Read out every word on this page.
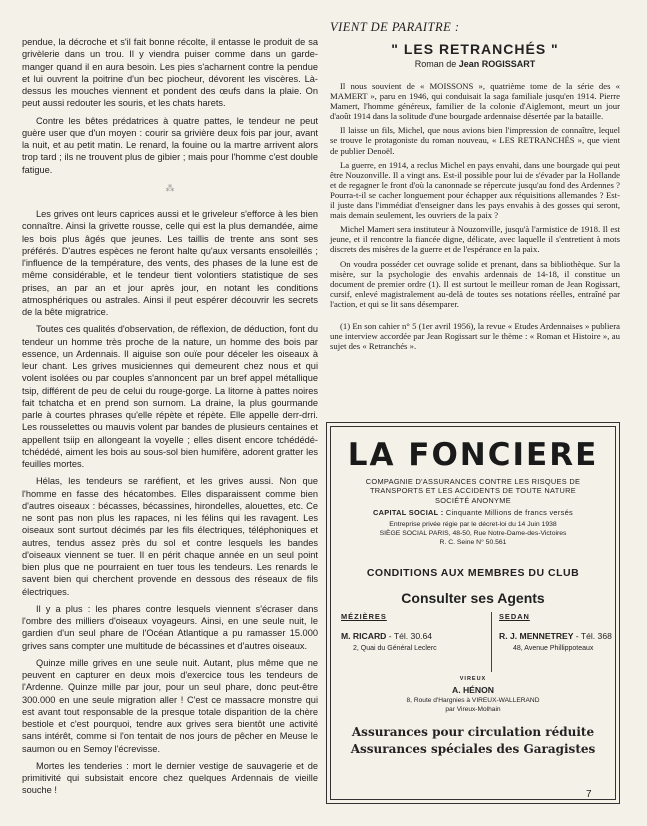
pendue, la décroche et s'il fait bonne récolte, il entasse le produit de sa grivèlerie dans un trou. Il y viendra puiser comme dans un garde-manger quand il en aura besoin. Les pies s'acharnent contre la pendue et lui ouvrent la poitrine d'un bec piocheur, dévorent les viscères. Là-dessus les mouches viennent et pondent des œufs dans la plaie. On peut aussi redouter les souris, et les chats harets.

Contre les bêtes prédatrices à quatre pattes, le tendeur ne peut guère user que d'un moyen : courir sa grivière deux fois par jour, avant la nuit, et au petit matin. Le renard, la fouine ou la martre arrivent alors trop tard ; ils ne trouvent plus de gibier ; mais pour l'homme c'est double fatigue.

⁂

Les grives ont leurs caprices aussi et le griveleur s'efforce à les bien connaître. Ainsi la grivette rousse, celle qui est la plus demandée, aime les bois plus âgés que jeunes. Les taillis de trente ans sont ses préférés. D'autres espèces ne feront halte qu'aux versants ensoleillés ; l'influence de la température, des vents, des phases de la lune est de même considérable, et le tendeur tient volontiers statistique de ses prises, an par an et jour après jour, en notant les conditions atmosphériques ou astrales. Ainsi il peut espérer découvrir les secrets de la bête migratrice.

Toutes ces qualités d'observation, de réflexion, de déduction, font du tendeur un homme très proche de la nature, un homme des bois par essence, un Ardennais. Il aiguise son ouïe pour déceler les oiseaux à leur chant. Les grives musiciennes qui demeurent chez nous et qui volent isolées ou par couples s'annoncent par un bref appel métallique tsip, différent de peu de celui du rouge-gorge. La litorne à pattes noires fait tchatcha et en prend son surnom. La draine, la plus gourmande parle à courtes phrases qu'elle répète et répète. Elle appelle derr-drri. Les rousselettes ou mauvis volent par bandes de plusieurs centaines et appellent tsiip en allongeant la voyelle ; elles disent encore tchédédé-tchédédé, aiment les bois au sous-sol bien humifère, adorent gratter les feuilles mortes.

Hélas, les tendeurs se raréfient, et les grives aussi. Non que l'homme en fasse des hécatombes. Elles disparaissent comme bien d'autres oiseaux : bécasses, bécassines, hirondelles, alouettes, etc. Ce ne sont pas non plus les rapaces, ni les félins qui les ravagent. Les oiseaux sont surtout décimés par les fils électriques, téléphoniques et autres, tendus assez près du sol et contre lesquels les bandes d'oiseaux viennent se tuer. Il en périt chaque année en un seul point bien plus que ne pourraient en tuer tous les tendeurs. Les renards le savent bien qui cherchent provende en dessous des réseaux de fils électriques.

Il y a plus : les phares contre lesquels viennent s'écraser dans l'ombre des milliers d'oiseaux voyageurs. Ainsi, en une seule nuit, le gardien d'un seul phare de l'Océan Atlantique a pu ramasser 15.000 grives sans compter une multitude de bécassines et d'autres oiseaux.

Quinze mille grives en une seule nuit. Autant, plus même que ne peuvent en capturer en deux mois d'exercice tous les tendeurs de l'Ardenne. Quinze mille par jour, pour un seul phare, donc peut-être 300.000 en une seule migration aller ! C'est ce massacre monstre qui est avant tout responsable de la presque totale disparition de la chère bestiole et c'est pourquoi, tendre aux grives sera bientôt une activité sans intérêt, comme si l'on tentait de nos jours de pêcher en Meuse le saumon ou en Semoy l'écrevisse.

Mortes les tenderies : mort le dernier vestige de sauvagerie et de primitivité qui subsistait encore chez quelques Ardennais de vieille souche !

VIENT DE PARAITRE :
" LES RETRANCHÉS "
Roman de Jean ROGISSART

Il nous souvient de « MOISSONS », quatrième tome de la série des « MAMERT », paru en 1946, qui conduisait la saga familiale jusqu'en 1914. Pierre Mamert, l'homme généreux, familier de la colonie d'Aiglemont, meurt un jour d'août 1914 dans la solitude d'une bourgade ardennaise désertée par la bataille.

Il laisse un fils, Michel, que nous avions bien l'impression de connaître, lequel se trouve le protagoniste du roman nouveau, « LES RETRANCHÉS », que vient de publier Denoël.

La guerre, en 1914, a reclus Michel en pays envahi, dans une bourgade qui peut être Nouzonville. Il a vingt ans. Est-il possible pour lui de s'évader par la Hollande et de regagner le front d'où la canonnade se répercute jusqu'au fond des Ardennes ? Pourra-t-il se cacher longuement pour échapper aux réquisitions allemandes ? Est-il juste dans l'immédiat d'enseigner dans les pays envahis à des gosses qui seront, mais demain seulement, les ouvriers de la paix ?

Michel Mamert sera instituteur à Nouzonville, jusqu'à l'armistice de 1918. Il est jeune, et il rencontre la fiancée digne, délicate, avec laquelle il s'entretient à mots discrets des misères de la guerre et de l'espérance en la paix.

On voudra posséder cet ouvrage solide et prenant, dans sa bibliothèque. Sur la misère, sur la psychologie des envahis ardennais de 14-18, il constitue un document de premier ordre (1). Il est surtout le meilleur roman de Jean Rogissart, cursif, enlevé magistralement au-delà de toutes ses notations réelles, entraîné par l'action, et qui se lit sans désemparer.

(1) En son cahier n° 5 (1er avril 1956), la revue « Etudes Ardennaises » publiera une interview accordée par Jean Rogissart sur le thème : « Roman et Histoire », au sujet des « Retranchés ».

LA FONCIERE
COMPAGNIE D'ASSURANCES CONTRE LES RISQUES DE
TRANSPORTS ET LES ACCIDENTS DE TOUTE NATURE
SOCIÉTÉ ANONYME
CAPITAL SOCIAL : Cinquante Millions de francs versés
Entreprise privée régie par le décret-loi du 14 Juin 1938
SIÈGE SOCIAL PARIS, 48-50, Rue Notre-Dame-des-Victoires
R. C. Seine N° 50.561
CONDITIONS AUX MEMBRES DU CLUB
Consulter ses Agents
MÉZIÈRES
M. RICARD - Tél. 30.64
2, Quai du Général Leclerc
SEDAN
R. J. MENNETREY - Tél. 368
48, Avenue Phillippoteaux
VIREUX
A. HÉNON
8, Route d'Hargnies à VIREUX-WALLERAND
par Vireux-Molhain
Assurances pour circulation réduite
Assurances spéciales des Garagistes
7
